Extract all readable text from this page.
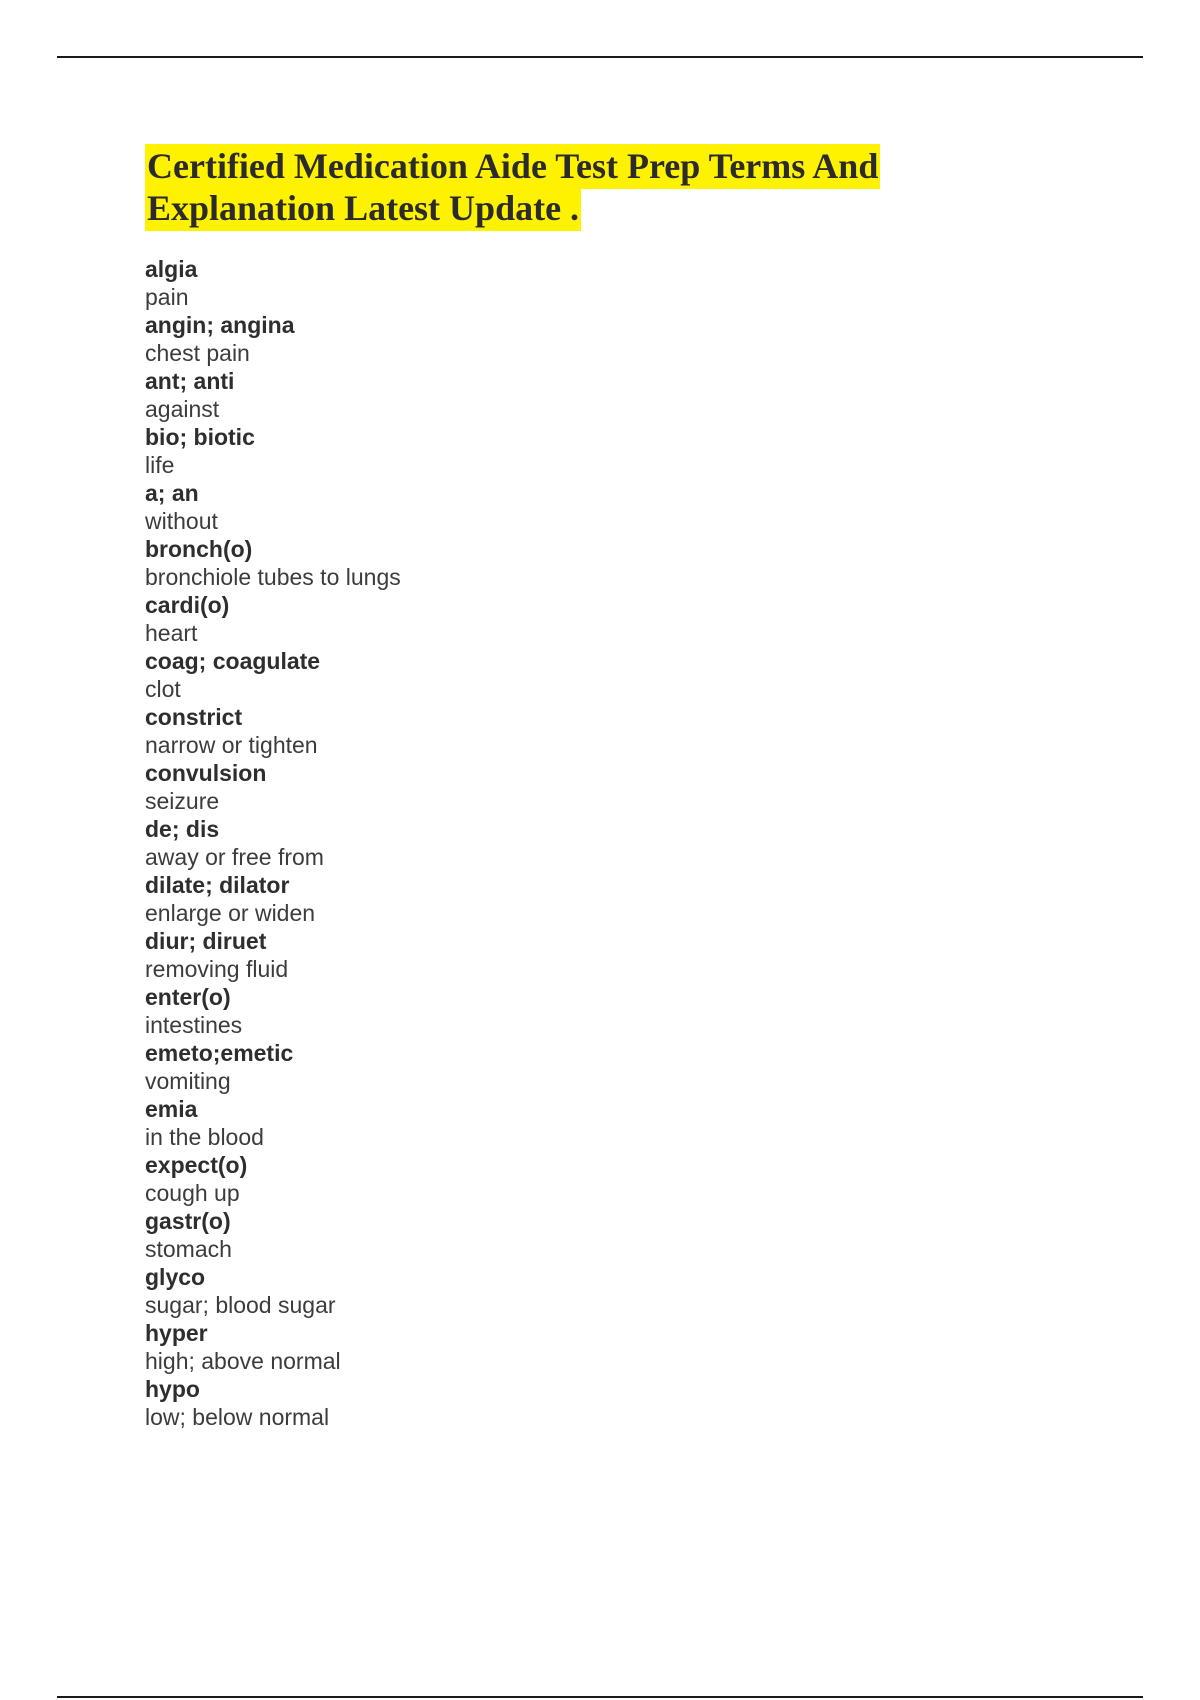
Certified Medication Aide Test Prep Terms And Explanation Latest Update .
algia
pain
angin; angina
chest pain
ant; anti
against
bio; biotic
life
a; an
without
bronch(o)
bronchiole tubes to lungs
cardi(o)
heart
coag; coagulate
clot
constrict
narrow or tighten
convulsion
seizure
de; dis
away or free from
dilate; dilator
enlarge or widen
diur; diruet
removing fluid
enter(o)
intestines
emeto;emetic
vomiting
emia
in the blood
expect(o)
cough up
gastr(o)
stomach
glyco
sugar; blood sugar
hyper
high; above normal
hypo
low; below normal
